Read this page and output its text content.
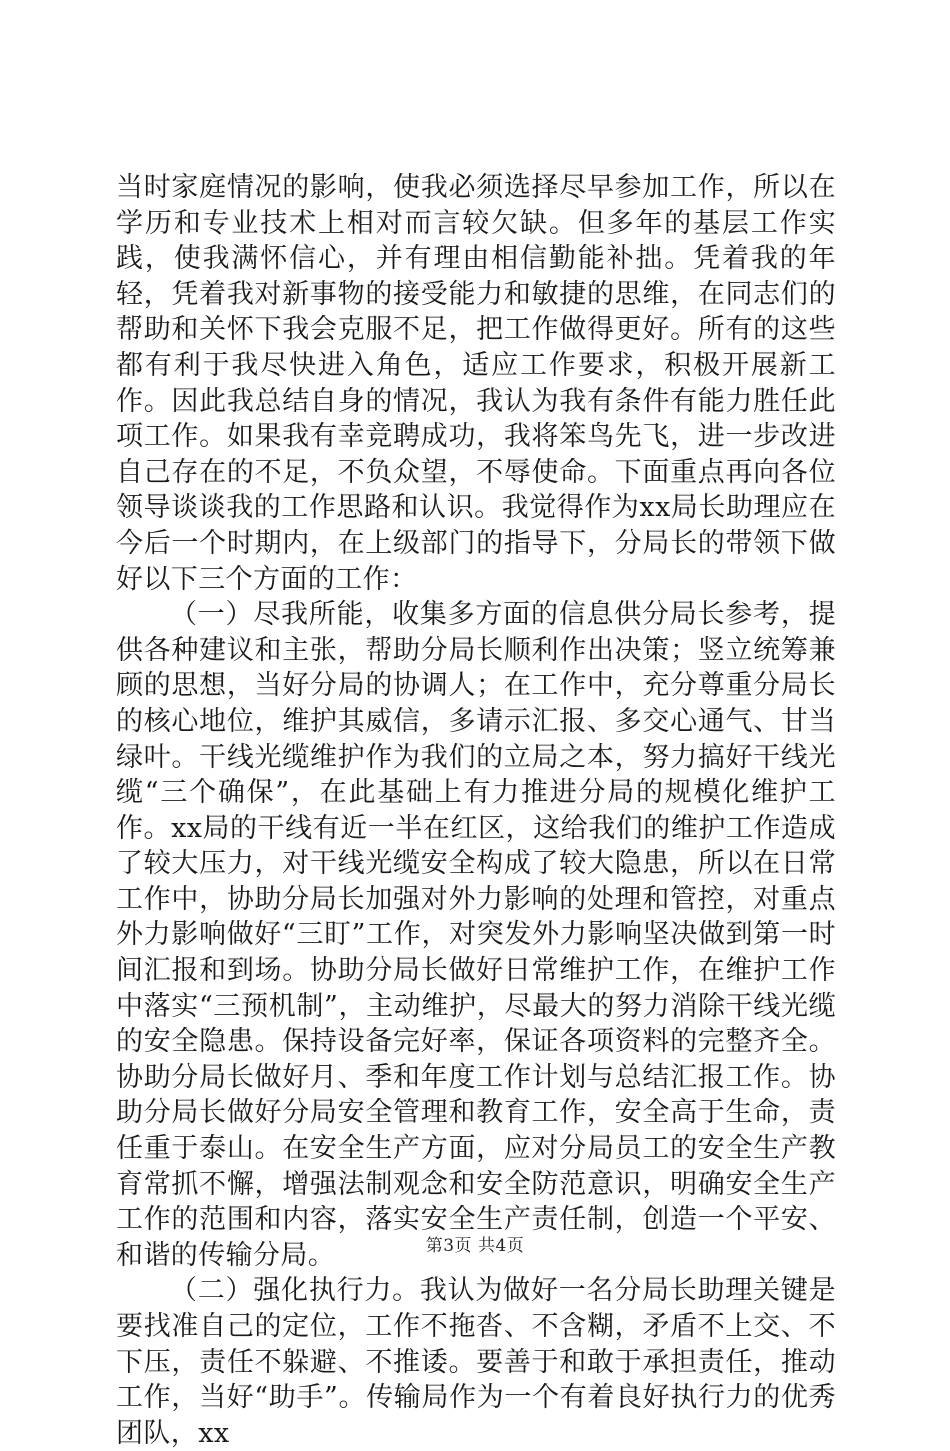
当时家庭情况的影响，使我必须选择尽早参加工作，所以在学历和专业技术上相对而言较欠缺。但多年的基层工作实践，使我满怀信心，并有理由相信勤能补拙。凭着我的年轻，凭着我对新事物的接受能力和敏捷的思维，在同志们的帮助和关怀下我会克服不足，把工作做得更好。所有的这些都有利于我尽快进入角色，适应工作要求，积极开展新工作。因此我总结自身的情况，我认为我有条件有能力胜任此项工作。如果我有幸竞聘成功，我将笨鸟先飞，进一步改进自己存在的不足，不负众望，不辱使命。下面重点再向各位领导谈谈我的工作思路和认识。我觉得作为xx局长助理应在今后一个时期内，在上级部门的指导下，分局长的带领下做好以下三个方面的工作：

（一）尽我所能，收集多方面的信息供分局长参考，提供各种建议和主张，帮助分局长顺利作出决策；竖立统筹兼顾的思想，当好分局的协调人；在工作中，充分尊重分局长的核心地位，维护其威信，多请示汇报、多交心通气、甘当绿叶。干线光缆维护作为我们的立局之本，努力搞好干线光缆“三个确保”，在此基础上有力推进分局的规模化维护工作。xx局的干线有近一半在红区，这给我们的维护工作造成了较大压力，对干线光缆安全构成了较大隐患，所以在日常工作中，协助分局长加强对外力影响的处理和管控，对重点外力影响做好“三盯”工作，对突发外力影响坚决做到第一时间汇报和到场。协助分局长做好日常维护工作，在维护工作中落实“三预机制”，主动维护，尽最大的努力消除干线光缆的安全隐患。保持设备完好率，保证各项资料的完整齐全。协助分局长做好月、季和年度工作计划与总结汇报工作。协助分局长做好分局安全管理和教育工作，安全高于生命，责任重于泰山。在安全生产方面，应对分局员工的安全生产教育常抓不懈，增强法制观念和安全防范意识，明确安全生产工作的范围和内容，落实安全生产责任制，创造一个平安、和谐的传输分局。

（二）强化执行力。我认为做好一名分局长助理关键是要找准自己的定位，工作不拖沓、不含糊，矛盾不上交、不下压，责任不躲避、不推诿。要善于和敢于承担责任，推动工作，当好“助手”。传输局作为一个有着良好执行力的优秀团队，xx

第3页 共4页
